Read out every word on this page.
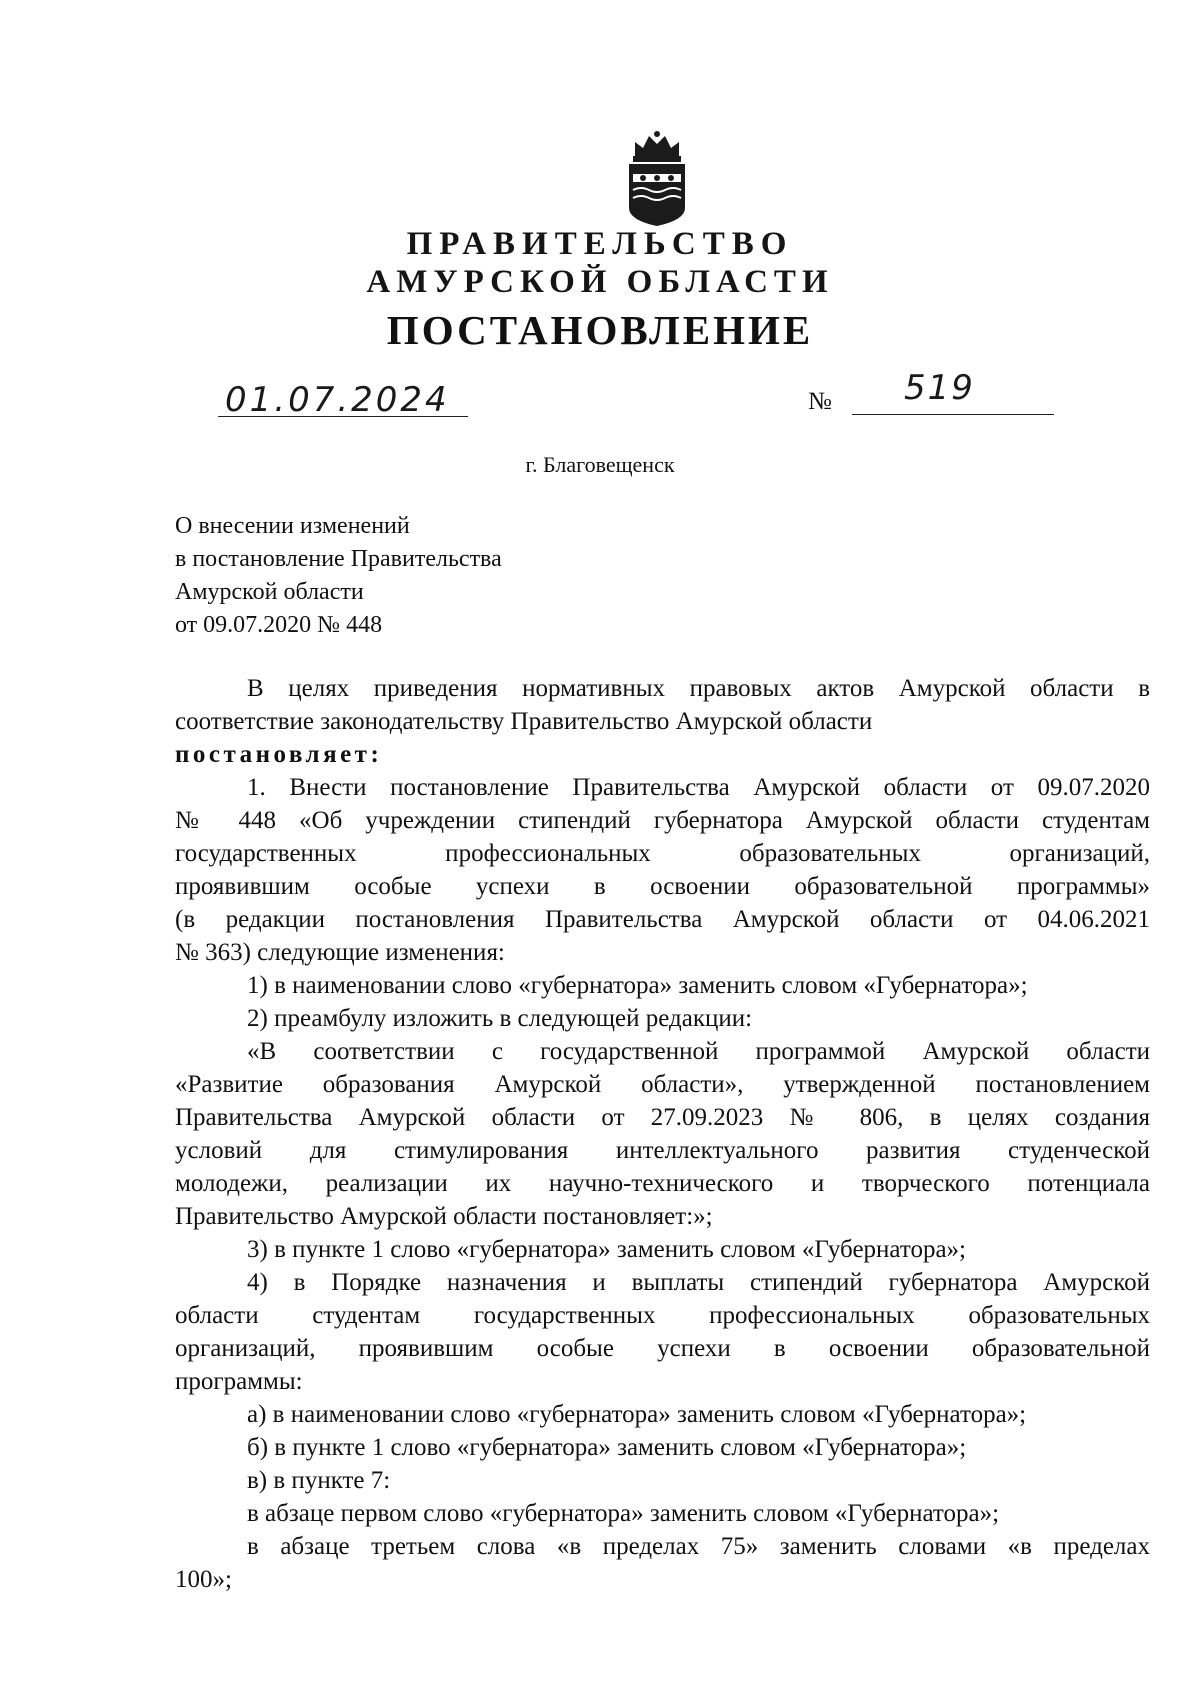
ПРАВИТЕЛЬСТВО
АМУРСКОЙ ОБЛАСТИ
ПОСТАНОВЛЕНИЕ
01.07.2024	№ 519
г. Благовещенск
О внесении изменений
в постановление Правительства
Амурской области
от 09.07.2020 № 448
В целях приведения нормативных правовых актов Амурской области в
соответствие законодательству Правительство Амурской области
постановляет:
1. Внести постановление Правительства Амурской области от 09.07.2020
№ 448 «Об учреждении стипендий губернатора Амурской области студентам
государственных профессиональных образовательных организаций,
проявившим особые успехи в освоении образовательной программы»
(в редакции постановления Правительства Амурской области от 04.06.2021
№ 363) следующие изменения:
1) в наименовании слово «губернатора» заменить словом «Губернатора»;
2) преамбулу изложить в следующей редакции:
«В соответствии с государственной программой Амурской области
«Развитие образования Амурской области», утвержденной постановлением
Правительства Амурской области от 27.09.2023 № 806, в целях создания
условий для стимулирования интеллектуального развития студенческой
молодежи, реализации их научно-технического и творческого потенциала
Правительство Амурской области постановляет:»;
3) в пункте 1 слово «губернатора» заменить словом «Губернатора»;
4) в Порядке назначения и выплаты стипендий губернатора Амурской
области студентам государственных профессиональных образовательных
организаций, проявившим особые успехи в освоении образовательной
программы:
а) в наименовании слово «губернатора» заменить словом «Губернатора»;
б) в пункте 1 слово «губернатора» заменить словом «Губернатора»;
в) в пункте 7:
в абзаце первом слово «губернатора» заменить словом «Губернатора»;
в абзаце третьем слова «в пределах 75» заменить словами «в пределах
100»;
